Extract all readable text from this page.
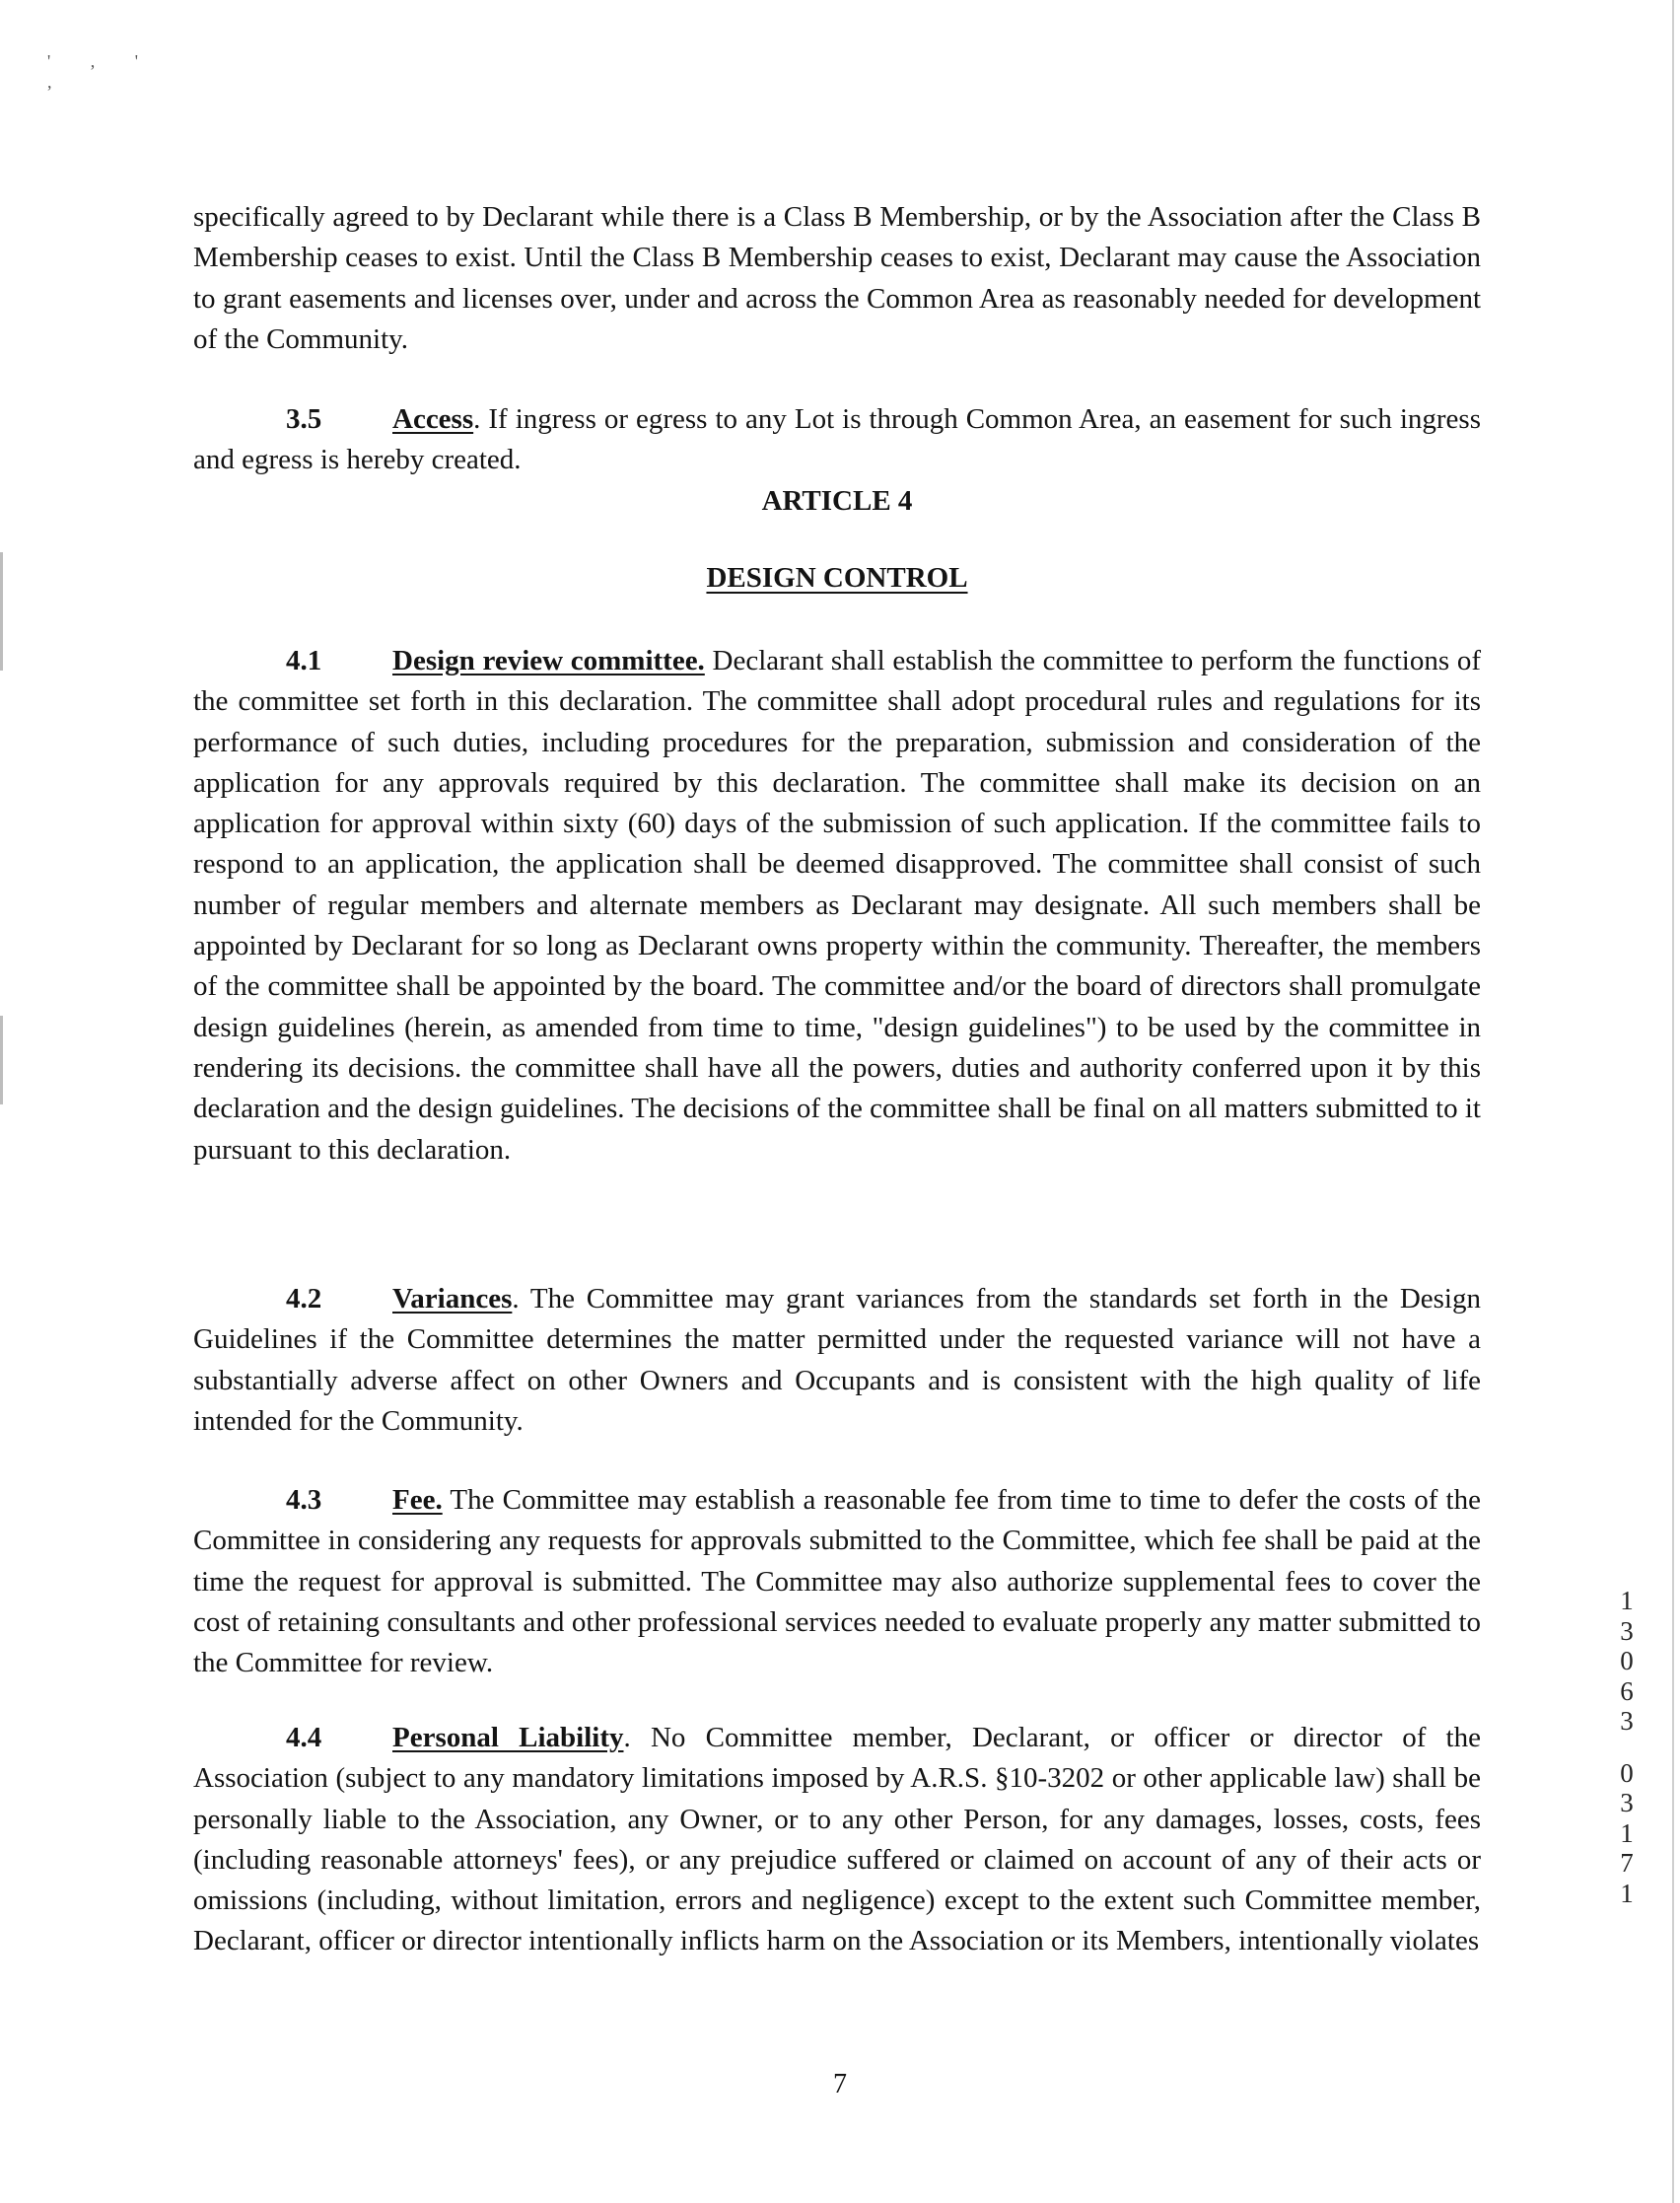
' , ' ,

specifically agreed to by Declarant while there is a Class B Membership, or by the Association after the Class B Membership ceases to exist. Until the Class B Membership ceases to exist, Declarant may cause the Association to grant easements and licenses over, under and across the Common Area as reasonably needed for development of the Community.

3.5 Access. If ingress or egress to any Lot is through Common Area, an easement for such ingress and egress is hereby created.

ARTICLE 4
DESIGN CONTROL

4.1 Design review committee. Declarant shall establish the committee to perform the functions of the committee set forth in this declaration. The committee shall adopt procedural rules and regulations for its performance of such duties, including procedures for the preparation, submission and consideration of the application for any approvals required by this declaration. The committee shall make its decision on an application for approval within sixty (60) days of the submission of such application. If the committee fails to respond to an application, the application shall be deemed disapproved. The committee shall consist of such number of regular members and alternate members as Declarant may designate. All such members shall be appointed by Declarant for so long as Declarant owns property within the community. Thereafter, the members of the committee shall be appointed by the board. The committee and/or the board of directors shall promulgate design guidelines (herein, as amended from time to time, "design guidelines") to be used by the committee in rendering its decisions. the committee shall have all the powers, duties and authority conferred upon it by this declaration and the design guidelines. The decisions of the committee shall be final on all matters submitted to it pursuant to this declaration.

4.2 Variances. The Committee may grant variances from the standards set forth in the Design Guidelines if the Committee determines the matter permitted under the requested variance will not have a substantially adverse affect on other Owners and Occupants and is consistent with the high quality of life intended for the Community.

4.3 Fee. The Committee may establish a reasonable fee from time to time to defer the costs of the Committee in considering any requests for approvals submitted to the Committee, which fee shall be paid at the time the request for approval is submitted. The Committee may also authorize supplemental fees to cover the cost of retaining consultants and other professional services needed to evaluate properly any matter submitted to the Committee for review.

4.4 Personal Liability. No Committee member, Declarant, or officer or director of the Association (subject to any mandatory limitations imposed by A.R.S. §10-3202 or other applicable law) shall be personally liable to the Association, any Owner, or to any other Person, for any damages, losses, costs, fees (including reasonable attorneys' fees), or any prejudice suffered or claimed on account of any of their acts or omissions (including, without limitation, errors and negligence) except to the extent such Committee member, Declarant, officer or director intentionally inflicts harm on the Association or its Members, intentionally violates

1
3
0
6
3
0
3
1
7
1
7
